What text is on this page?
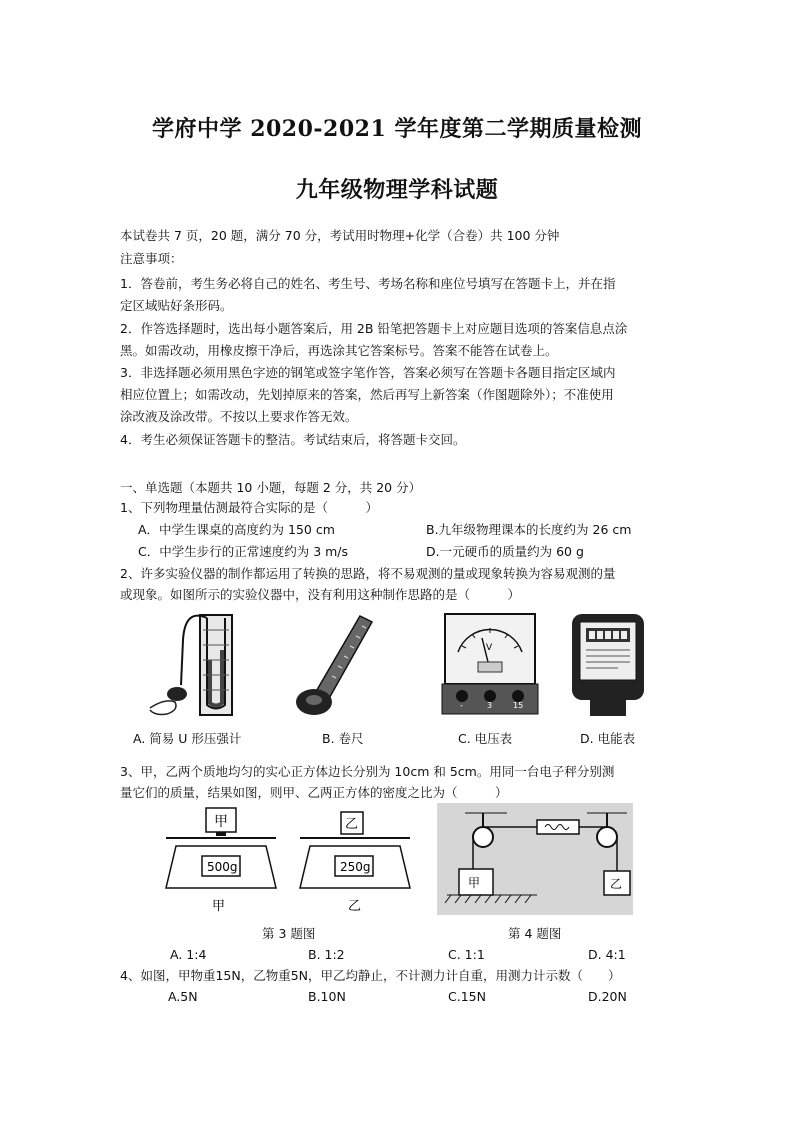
学府中学 2020-2021 学年度第二学期质量检测
九年级物理学科试题
本试卷共 7 页，20 题，满分 70 分，考试用时物理+化学（合卷）共 100 分钟
注意事项：
1．答卷前，考生务必将自己的姓名、考生号、考场名称和座位号填写在答题卡上，并在指
定区域贴好条形码。
2．作答选择题时，选出每小题答案后，用 2B 铅笔把答题卡上对应题目选项的答案信息点涂
黑。如需改动，用橡皮擦干净后，再选涂其它答案标号。答案不能答在试卷上。
3．非选择题必须用黑色字迹的钢笔或签字笔作答，答案必须写在答题卡各题目指定区域内
相应位置上；如需改动，先划掉原来的答案，然后再写上新答案（作图题除外）；不准使用
涂改液及涂改带。不按以上要求作答无效。
4．考生必须保证答题卡的整洁。考试结束后，将答题卡交回。
一、单选题（本题共 10 小题，每题 2 分，共 20 分）
1、下列物理量估测最符合实际的是（　　　）
A．中学生课桌的高度约为 150 cm	B.九年级物理课本的长度约为 26 cm
C．中学生步行的正常速度约为 3 m/s	D.一元硬币的质量约为 60 g
2、许多实验仪器的制作都运用了转换的思路，将不易观测的量或现象转换为容易观测的量
或现象。如图所示的实验仪器中，没有利用这种制作思路的是（　　　）
A. 简易 U 形压强计	B. 卷尺
V
-	3	15
C. 电压表	D. 电能表
3、甲，乙两个质地均匀的实心正方体边长分别为 10cm 和 5cm。用同一台电子秤分别测
量它们的质量，结果如图，则甲、乙两正方体的密度之比为（　　　）
甲
500g
甲
乙
250g
乙
甲	乙
第 3 题图	第 4 题图
A. 1:4	B. 1:2	C. 1:1	D. 4:1
4、如图，甲物重15N，乙物重5N，甲乙均静止，不计测力计自重，用测力计示数（　　）
A.5N	B.10N	C.15N	D.20N
